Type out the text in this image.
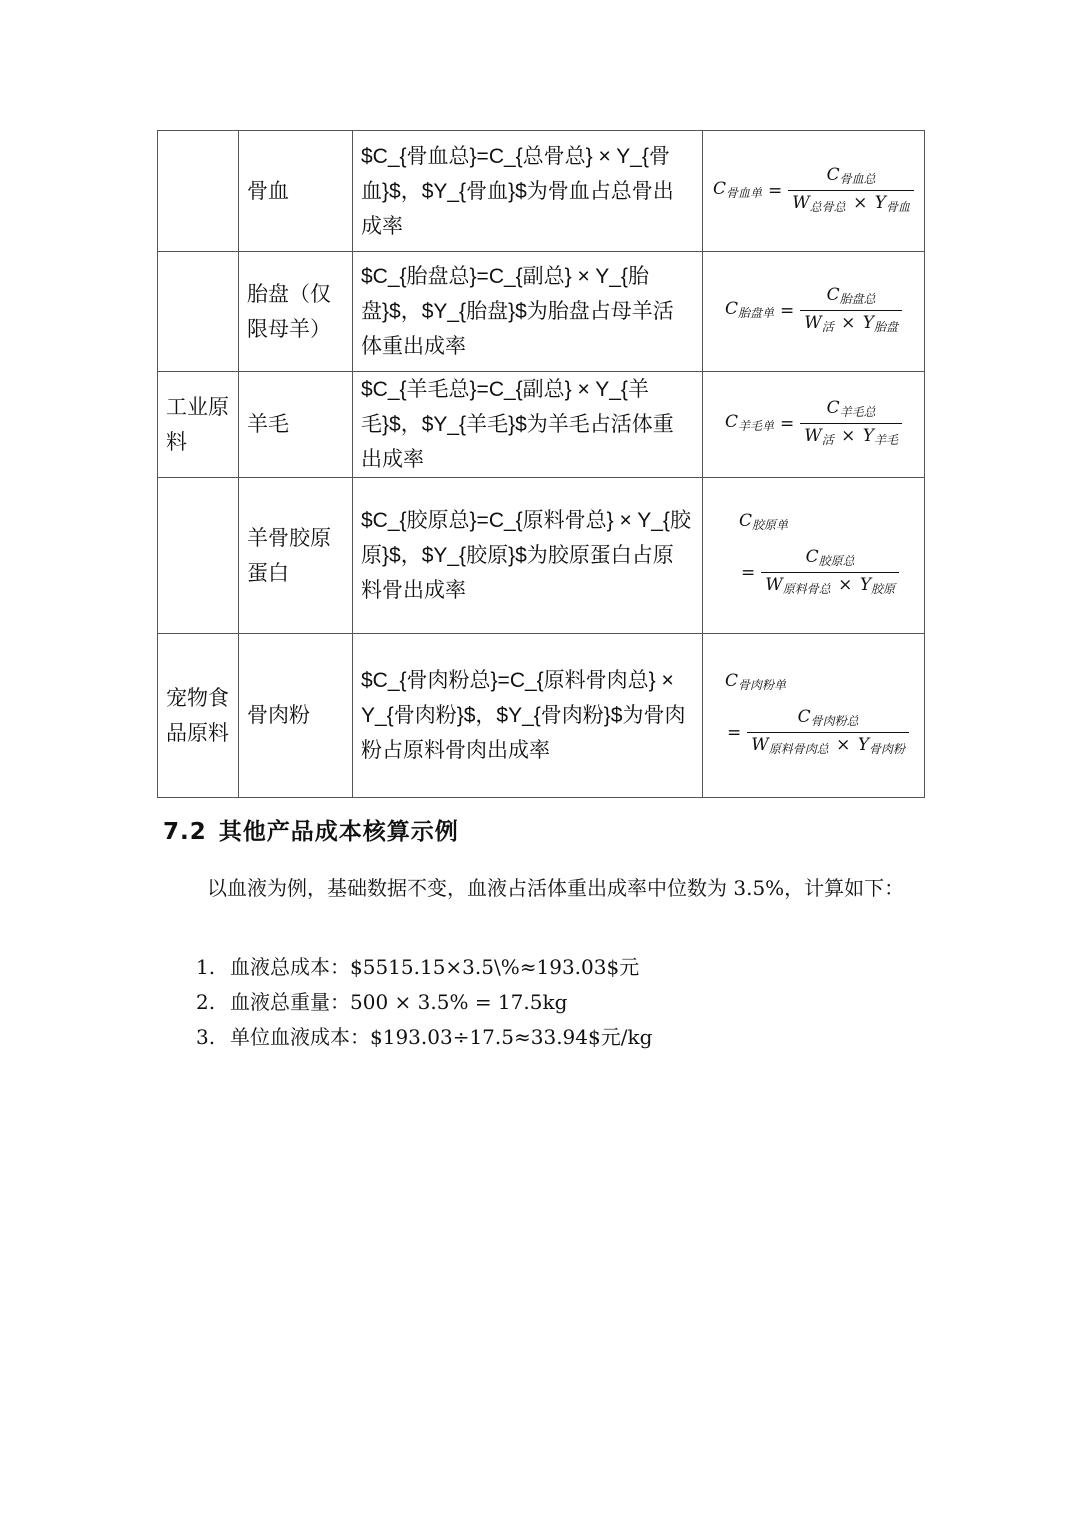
	骨血	$C_{骨血总}=C_{总骨总} × Y_{骨血}$，$Y_{骨血}$为骨血占总骨出成率	$C_{骨血单} = \frac{C_{骨血总}}{W_{总骨总} \times Y_{骨血}}$

	胎盘（仅限母羊）	$C_{胎盘总}=C_{副总} × Y_{胎盘}$，$Y_{胎盘}$为胎盘占母羊活体重出成率	$C_{胎盘单} = \frac{C_{胎盘总}}{W_活 \times Y_{胎盘}}$

工业原料	羊毛	$C_{羊毛总}=C_{副总} × Y_{羊毛}$，$Y_{羊毛}$为羊毛占活体重出成率	$C_{羊毛单} = \frac{C_{羊毛总}}{W_活 \times Y_{羊毛}}$

	羊骨胶原蛋白	$C_{胶原总}=C_{原料骨总} × Y_{胶原}$，$Y_{胶原}$为胶原蛋白占原料骨出成率	$C_{胶原单}$
= $\frac{C_{胶原总}}{W_{原料骨总} \times Y_{胶原}}$

宠物食品原料	骨肉粉	$C_{骨肉粉总}=C_{原料骨肉总} × Y_{骨肉粉}$，$Y_{骨肉粉}$为骨肉粉占原料骨肉出成率	$C_{骨肉粉单}$
= $\frac{C_{骨肉粉总}}{W_{原料骨肉总} \times Y_{骨肉粉}}$
7.2 其他产品成本核算示例

以血液为例，基础数据不变，血液占活体重出成率中位数为 3.5%，计算如下：

1. 血液总成本：$5515.15×3.5\%≈193.03$元
2. 血液总重量：500 × 3.5% = 17.5kg
3. 单位血液成本：$193.03÷17.5≈33.94$元/kg
